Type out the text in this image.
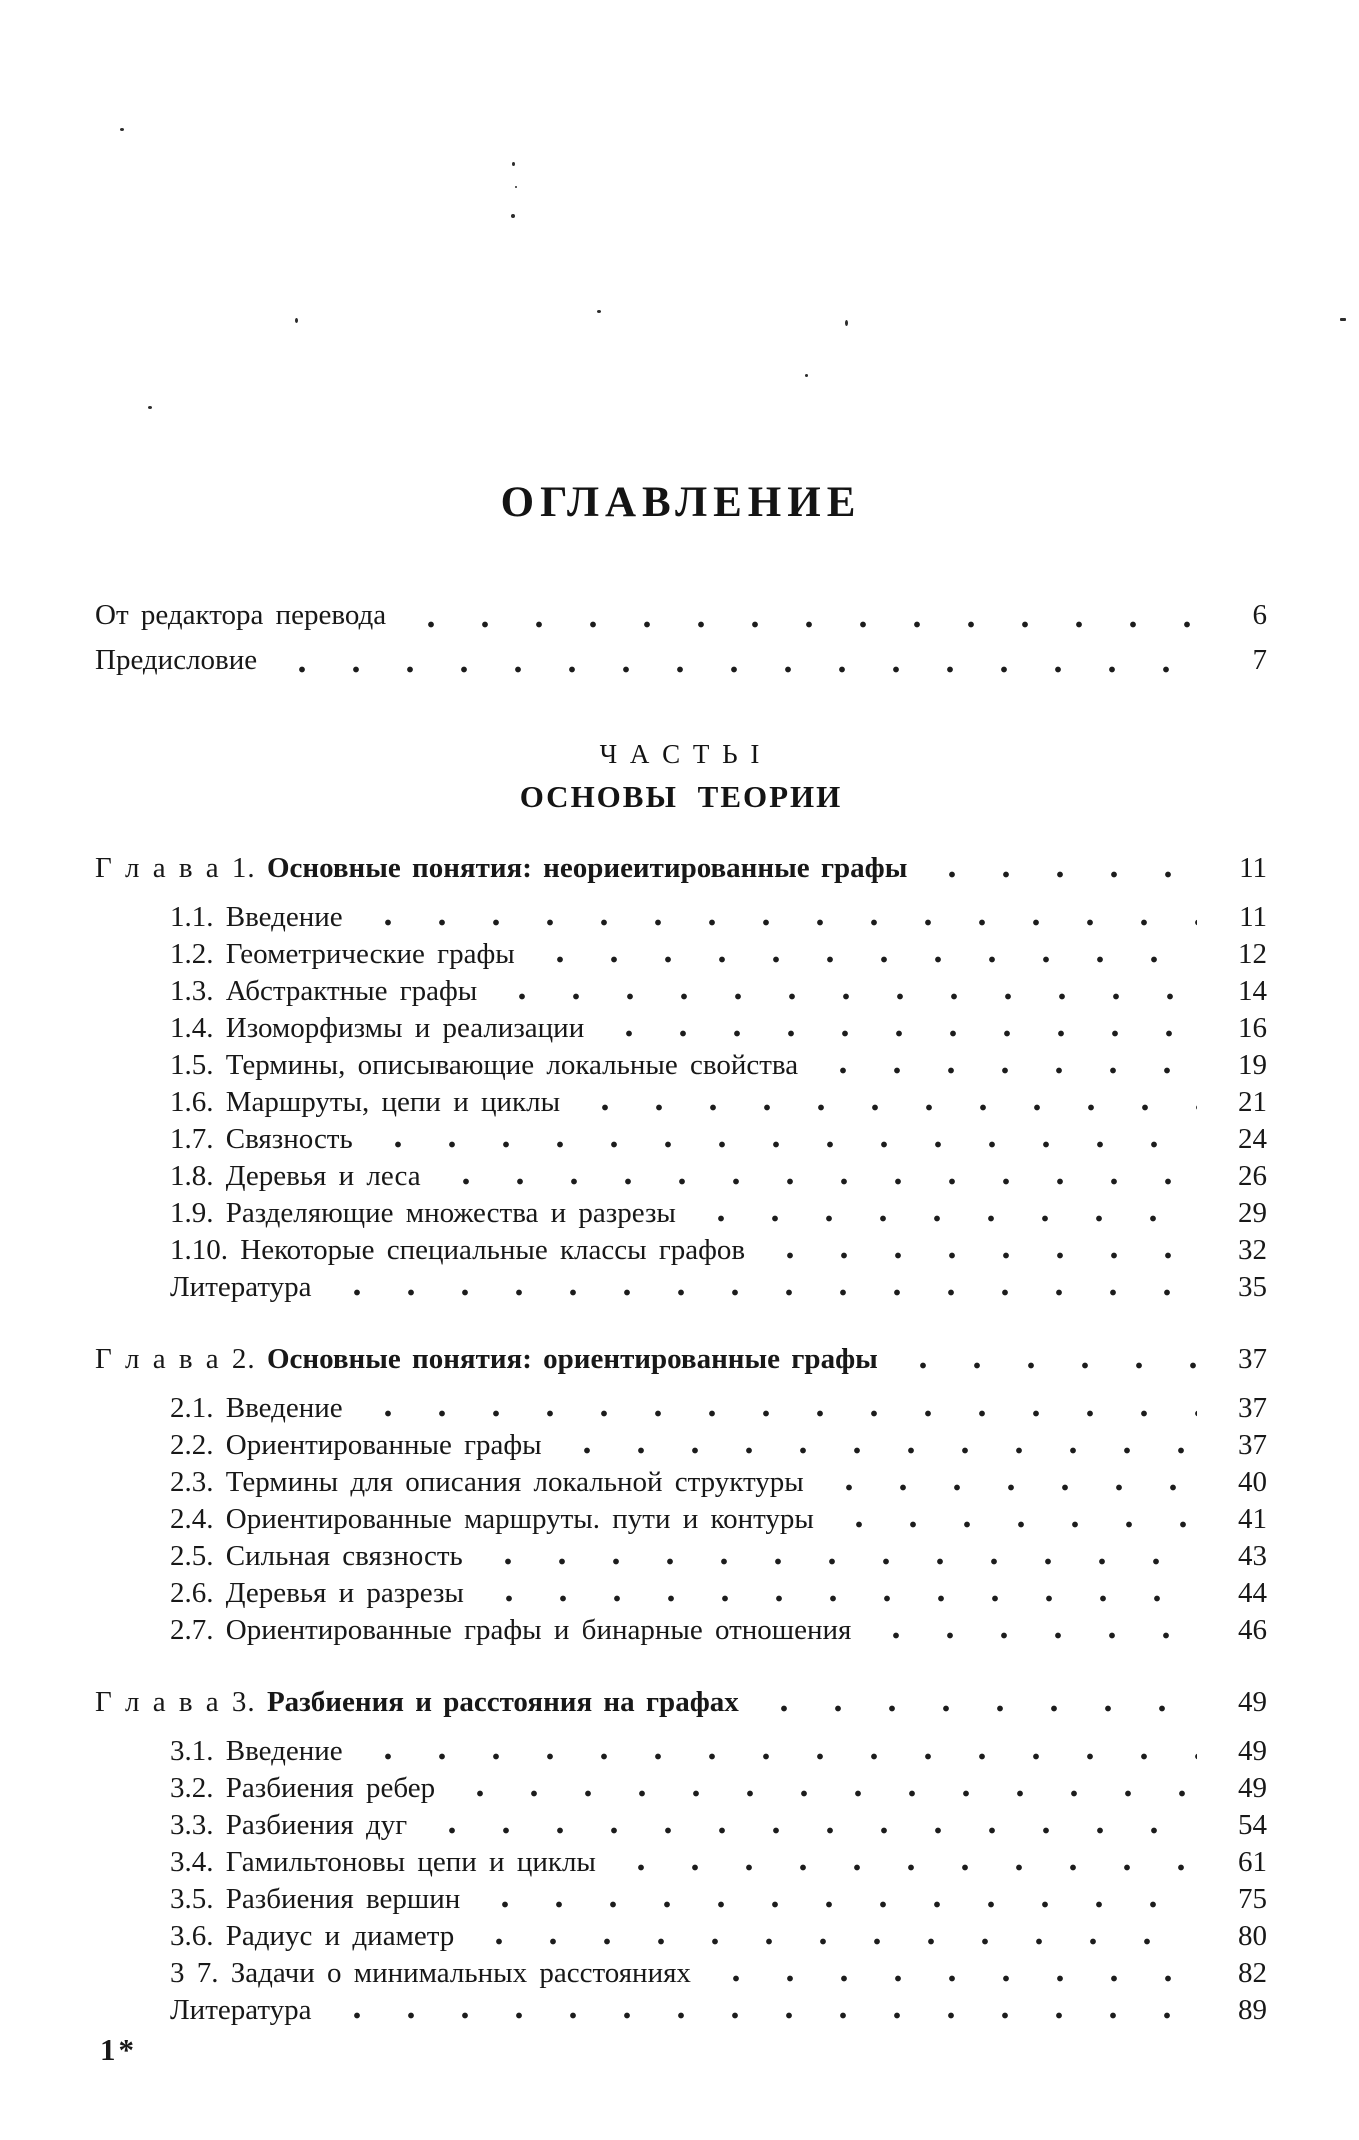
ОГЛАВЛЕНИЕ
От редактора перевода	6
Предисловие	7
Ч А С Т Ь I
ОСНОВЫ ТЕОРИИ
Г л а в а 1. Основные понятия: неориеитированные графы	11
1.1. Введение	11
1.2. Геометрические графы	12
1.3. Абстрактные графы	14
1.4. Изоморфизмы и реализации	16
1.5. Термины, описывающие локальные свойства	19
1.6. Маршруты, цепи и циклы	21
1.7. Связность	24
1.8. Деревья и леса	26
1.9. Разделяющие множества и разрезы	29
1.10. Некоторые специальные классы графов	32
Литература	35
Г л а в а 2. Основные понятия: ориентированные графы	37
2.1. Введение	37
2.2. Ориентированные графы	37
2.3. Термины для описания локальной структуры	40
2.4. Ориентированные маршруты. пути и контуры	41
2.5. Сильная связность	43
2.6. Деревья и разрезы	44
2.7. Ориентированные графы и бинарные отношения	46
Г л а в а 3. Разбиения и расстояния на графах	49
3.1. Введение	49
3.2. Разбиения ребер	49
3.3. Разбиения дуг	54
3.4. Гамильтоновы цепи и циклы	61
3.5. Разбиения вершин	75
3.6. Радиус и диаметр	80
3 7. Задачи о минимальных расстояниях	82
Литература	89
1*
